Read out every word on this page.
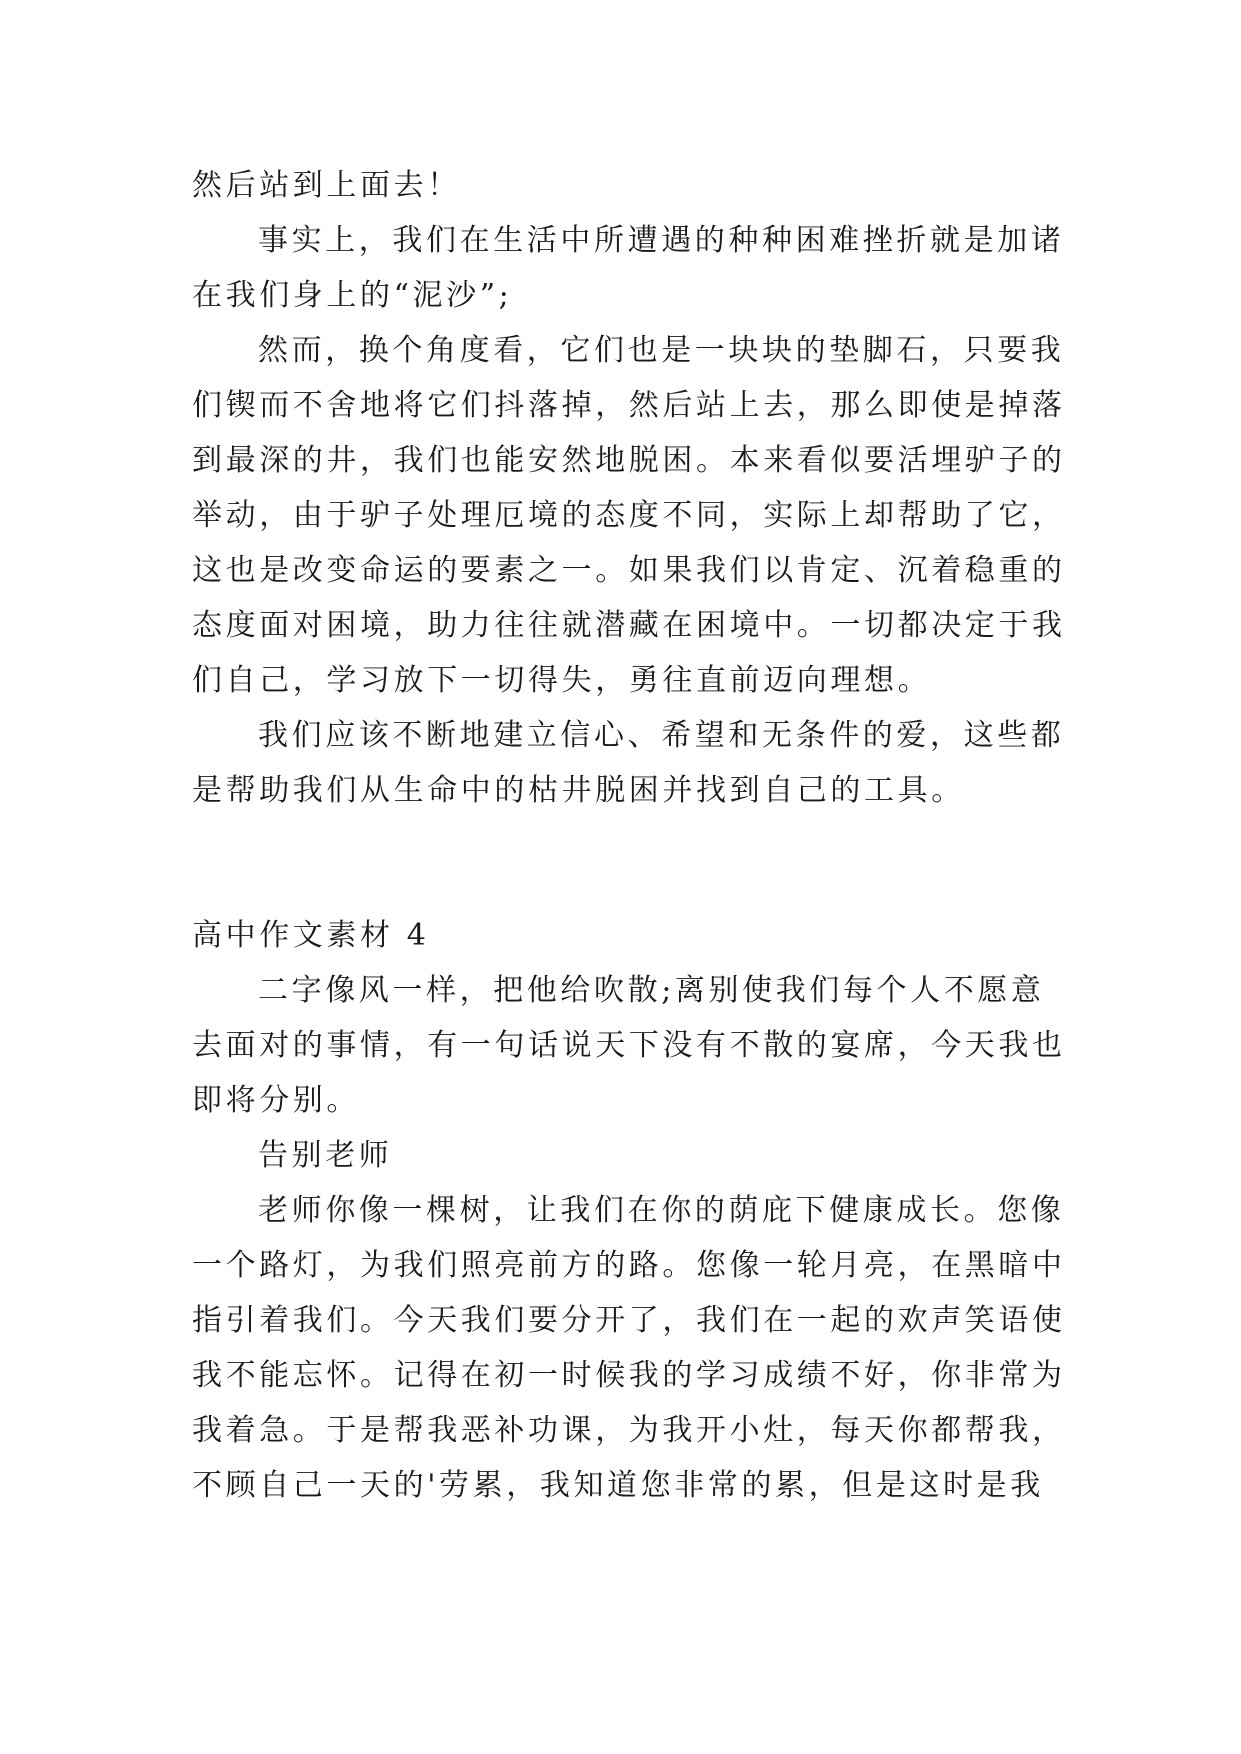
然后站到上面去！
事实上，我们在生活中所遭遇的种种困难挫折就是加诸
在我们身上的“泥沙”;
然而，换个角度看，它们也是一块块的垫脚石，只要我
们锲而不舍地将它们抖落掉，然后站上去，那么即使是掉落
到最深的井，我们也能安然地脱困。本来看似要活埋驴子的
举动，由于驴子处理厄境的态度不同，实际上却帮助了它，
这也是改变命运的要素之一。如果我们以肯定、沉着稳重的
态度面对困境，助力往往就潜藏在困境中。一切都决定于我
们自己，学习放下一切得失，勇往直前迈向理想。
我们应该不断地建立信心、希望和无条件的爱，这些都
是帮助我们从生命中的枯井脱困并找到自己的工具。
高中作文素材 4
二字像风一样，把他给吹散;离别使我们每个人不愿意
去面对的事情，有一句话说天下没有不散的宴席，今天我也
即将分别。
告别老师
老师你像一棵树，让我们在你的荫庇下健康成长。您像
一个路灯，为我们照亮前方的路。您像一轮月亮，在黑暗中
指引着我们。今天我们要分开了，我们在一起的欢声笑语使
我不能忘怀。记得在初一时候我的学习成绩不好，你非常为
我着急。于是帮我恶补功课，为我开小灶，每天你都帮我，
不顾自己一天的'劳累，我知道您非常的累，但是这时是我
